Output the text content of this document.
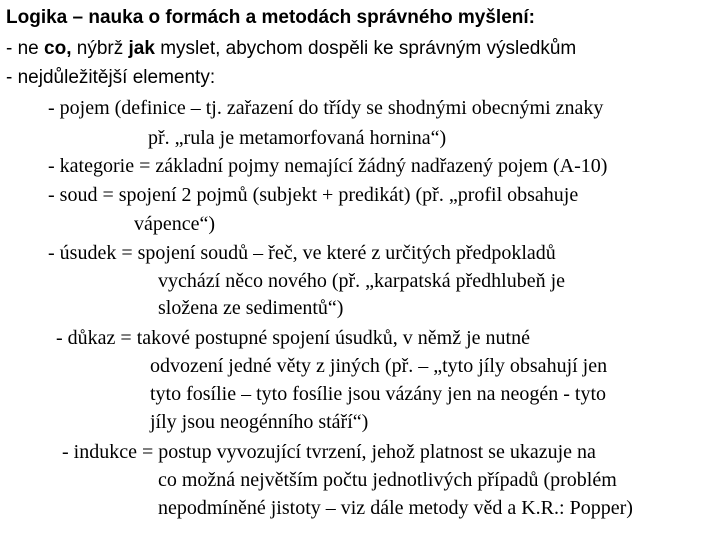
Logika – nauka o formách a metodách správného myšlení:
- ne co, nýbrž jak myslet, abychom dospěli ke správným výsledkům
- nejdůležitější elementy:
- pojem (definice – tj. zařazení do třídy se shodnými obecnými znaky
př. „rula je metamorfovaná hornina“)
- kategorie = základní pojmy nemající žádný nadřazený pojem (A-10)
- soud = spojení 2 pojmů (subjekt + predikát) (př. „profil obsahuje
vápence“)
- úsudek = spojení soudů – řeč, ve které z určitých předpokladů
vychází něco nového (př. „karpatská předhlubeň je
složena ze sedimentů“)
- důkaz = takové postupné spojení úsudků, v němž je nutné
odvození jedné věty z jiných (př. – „tyto jíly obsahují jen
tyto fosílie – tyto fosílie jsou vázány jen na neogén - tyto
jíly jsou neogénního stáří“)
- indukce = postup vyvozující tvrzení, jehož platnost se ukazuje na
co možná největším počtu jednotlivých případů (problém
nepodmíněné jistoty – viz dále metody věd a K.R.: Popper)
